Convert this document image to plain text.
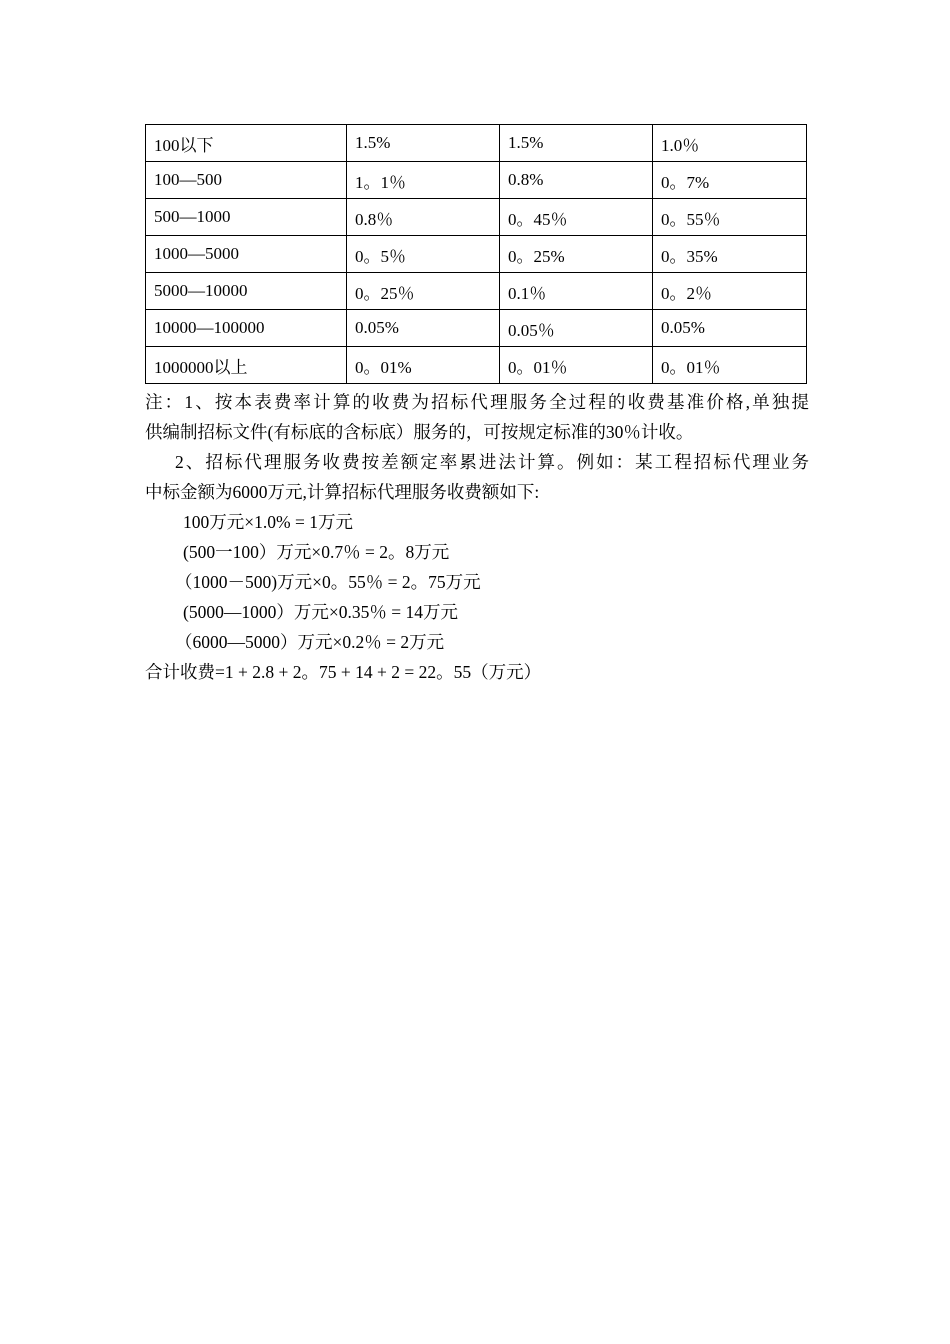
100以下	1.5%	1.5%	1.0％
100—500	1。1％	0.8%	0。7%
500—1000	0.8％	0。45％	0。55％
1000—5000	0。5％	0。25%	0。35%
5000—10000	0。25％	0.1％	0。2％
10000—100000	0.05%	0.05％	0.05%
1000000以上	0。01%	0。01％	0。01％
注：1、按本表费率计算的收费为招标代理服务全过程的收费基准价格,单独提
供编制招标文件(有标底的含标底）服务的，可按规定标准的30％计收。
2、招标代理服务收费按差额定率累进法计算。例如：某工程招标代理业务
中标金额为6000万元,计算招标代理服务收费额如下:
100万元×1.0% = 1万元
(500一100）万元×0.7％ = 2。8万元
（1000－500)万元×0。55％ = 2。75万元
(5000—1000）万元×0.35％ = 14万元
（6000—5000）万元×0.2％ = 2万元
合计收费=1 + 2.8 + 2。75 + 14 + 2 = 22。55（万元）
